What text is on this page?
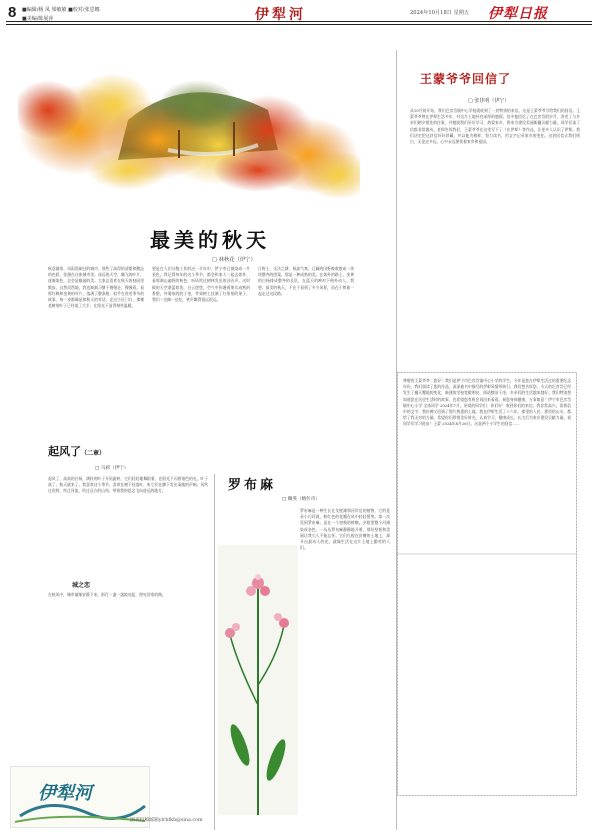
8 ■编辑/杨 凤 梁敏敏 ■校对/张思娜
■美编/陈展萍	伊犁河	2024年10月18日 星期五 伊犁日报
最美的秋天
□ 林秋花（伊宁）
秋意渐浓，风雨洗刷过的城市，那些了高得的清甜和醒沁的色彩，弥漫在这座城市里。深远的天空，飘飞的叶片，逐渐染色，总会是眼前的美。大家总喜欢在秋天的校园里散步。自然而然地，我也渐渐习惯于慢慢走，慢慢看。看那红枫和金黄的叶片，落满了整条路，似乎在讲述季节的故事，每一步都像是和秋天的对话。走过小区门口，那棵老树的叶子已经落了大半，在阳光下显得格外温暖。
要是在人们分散工作的这一半年中，伊宁市已被染成一片金色。我记得每年的这个季节，都会和家人一起去郊外，看那满山遍野的秋色，听风吹过树林发出的沙沙声。这时候的天空湛蓝如洗，白云悠悠，空气中弥漫着果实成熟的香甜。外婆家的院子里，苹果树上挂满了红彤彤的果子，我们一边摘一边吃，笑声飘得很远很远。
日野土，无法之耕，秋高气爽，辽阔的田野被收割成一块块整齐的图案，那是一种成熟的美。在郊外的路上，金黄的白杨排成整齐的长队，在蓝天的映衬下格外动人。我想，最美的秋天，不在于看到了多少风景，而在于和谁一起走过这段路。
王蒙爷爷回信了
□ 张佳明（伊宁）
从10月初开始，我们巴彦岱镇中心学校就收到了一封特别的来信，这是王蒙爷爷写给我们的回信。王蒙爷爷曾在伊犁生活多年，对这片土地怀有深厚的感情。信中他回忆了在巴彦岱的岁月，讲述了与乡亲们朝夕相处的往事，并勉励我们好好学习，热爱家乡，将来为建设美丽新疆贡献力量。同学们读了信都非常激动。老师告诉我们，王蒙爷爷在这里写下了《在伊犁》等作品，让更多人认识了伊犁。我们决定把这封信好好珍藏，并以他为榜样，努力读书，用文字记录家乡的变化。这封回信让我们明白，无论走多远，心中永远要装着家乡和祖国。
尊敬的王蒙爷爷：您好！我们是伊宁市巴彦岱镇中心小学的学生。今年是您在伊犁生活过的重要纪念年份，我们阅读了您的作品，深深被书中描写的伊犁风情所吸引。我们想告诉您，今天的巴彦岱已经发生了翻天覆地的变化，新建的学校宽敞明亮，街道整洁干净，乡亲们的生活越来越好。我们特别想知道您在这里生活时的故事，也希望您有机会再回来看看。祝您身体健康，万事如意！伊宁市巴彦岱镇中心小学 全体同学 2024年7月。亲爱的同学们：你们好！收到你们的来信，我非常高兴。读着信中的文字，我仿佛又回到了那片熟悉的土地。我在伊犁生活了十六年，那里的人民、那里的山水，都给了我无穷的力量。希望你们珍惜美好时光，认真学习，健康成长，长大后为家乡建设贡献力量。祝同学们学习进步！王蒙 2024年8月26日。这是两个小学生的回信……
起风了（二章）
□ 马莉（伊宁）
起风了，高高的白杨，满枝的叶子开始旋转，它们轻轻地舞蹈着，在阳光下闪着银色的光。叶子落了，秋天就来了。我喜欢这个季节，喜欢在树下捡落叶，听它们在脚下发出清脆的声响。风吹过田野，吹过河流，吹过远方的山岗，带着我的思念飞向遥远的地方。
城之恋
在秋风中，城市渐渐安静下来，街灯一盏一盏地亮起，照亮回家的路。
罗布麻
□ 赖英（喀什市）
罗布麻是一种生长在戈壁滩和河岸边的植物，它的花朵小巧玲珑，粉红色的花瓣在风中轻轻摇曳。第一次见到罗布麻，是在一个初秋的傍晚，夕阳把整个河滩染成金色，一丛丛罗布麻静静地开着，那份坚韧和美丽让我久久不能忘怀。它们扎根在贫瘠的土地上，却开出最动人的花，就像生活在这片土地上勤劳的人们。
伊犁河
副刊投稿邮箱ylrbfkb@sina.com
